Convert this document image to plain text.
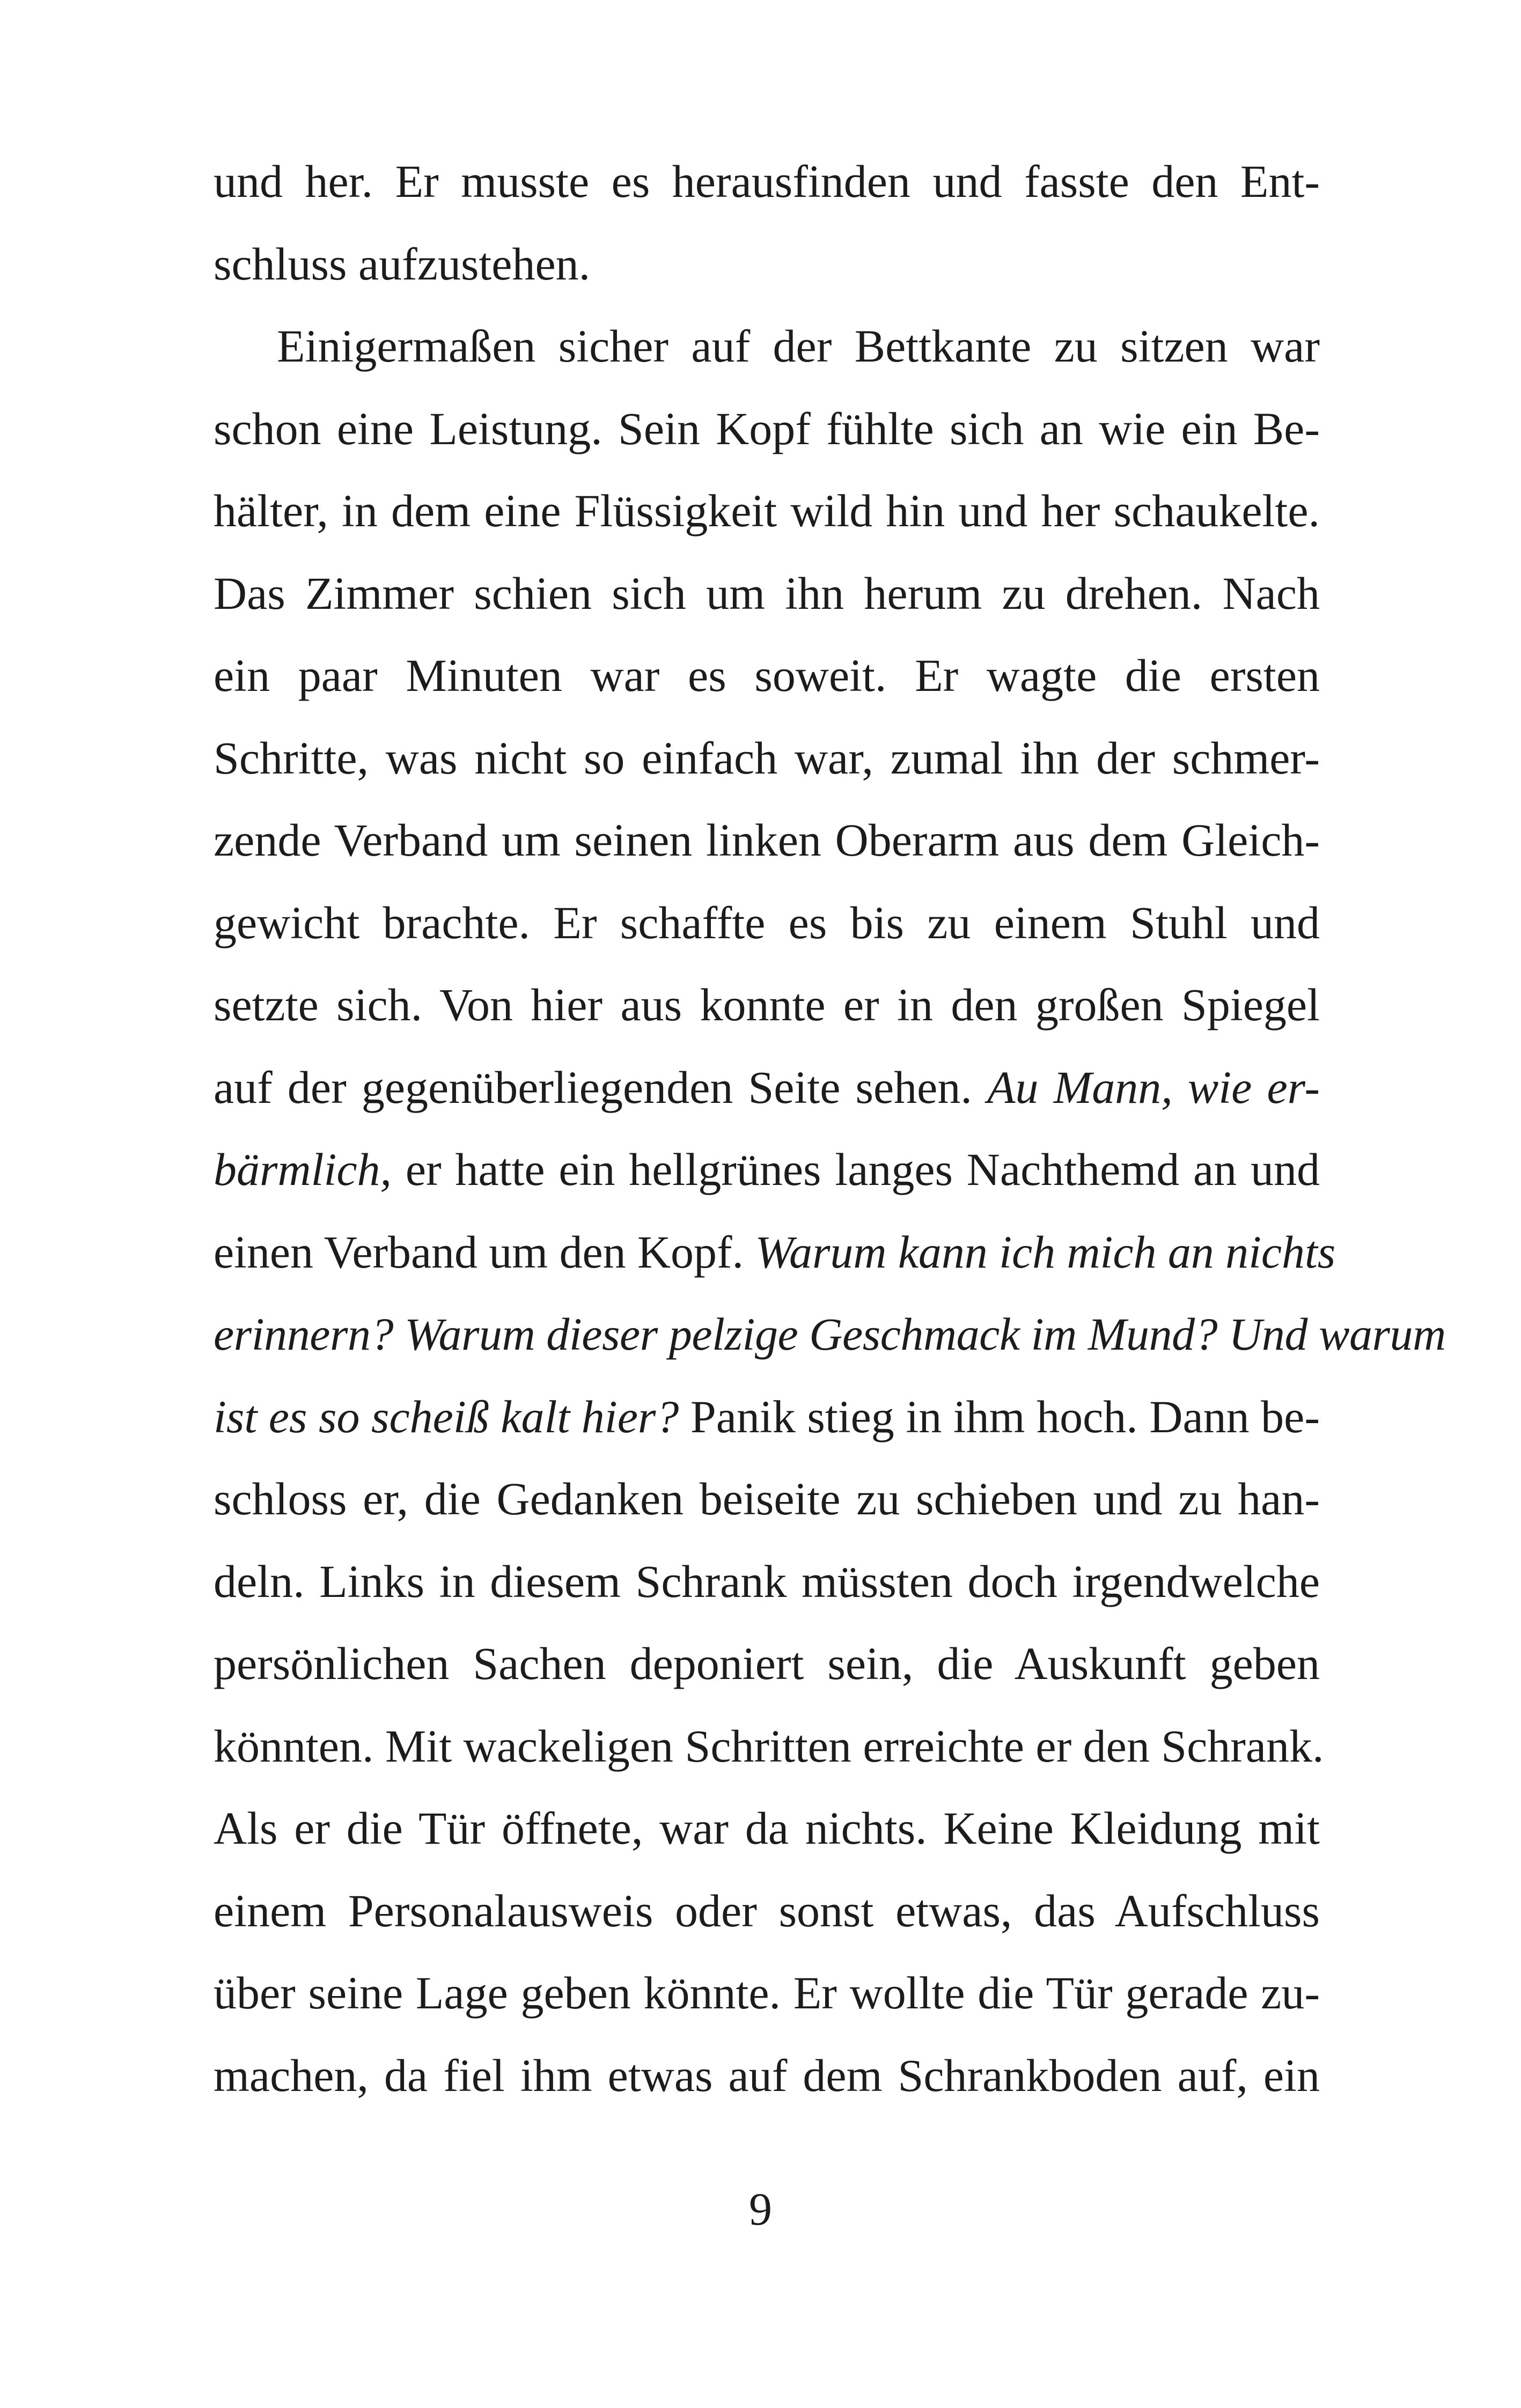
und her. Er musste es herausfinden und fasste den Ent-
schluss aufzustehen.

Einigermaßen sicher auf der Bettkante zu sitzen war
schon eine Leistung. Sein Kopf fühlte sich an wie ein Be-
hälter, in dem eine Flüssigkeit wild hin und her schaukelte.
Das Zimmer schien sich um ihn herum zu drehen. Nach
ein paar Minuten war es soweit. Er wagte die ersten
Schritte, was nicht so einfach war, zumal ihn der schmer-
zende Verband um seinen linken Oberarm aus dem Gleich-
gewicht brachte. Er schaffte es bis zu einem Stuhl und
setzte sich. Von hier aus konnte er in den großen Spiegel
auf der gegenüberliegenden Seite sehen. Au Mann, wie er-
bärmlich, er hatte ein hellgrünes langes Nachthemd an und
einen Verband um den Kopf. Warum kann ich mich an nichts
erinnern? Warum dieser pelzige Geschmack im Mund? Und warum
ist es so scheiß kalt hier? Panik stieg in ihm hoch. Dann be-
schloss er, die Gedanken beiseite zu schieben und zu han-
deln. Links in diesem Schrank müssten doch irgendwelche
persönlichen Sachen deponiert sein, die Auskunft geben
könnten. Mit wackeligen Schritten erreichte er den Schrank.
Als er die Tür öffnete, war da nichts. Keine Kleidung mit
einem Personalausweis oder sonst etwas, das Aufschluss
über seine Lage geben könnte. Er wollte die Tür gerade zu-
machen, da fiel ihm etwas auf dem Schrankboden auf, ein

9
